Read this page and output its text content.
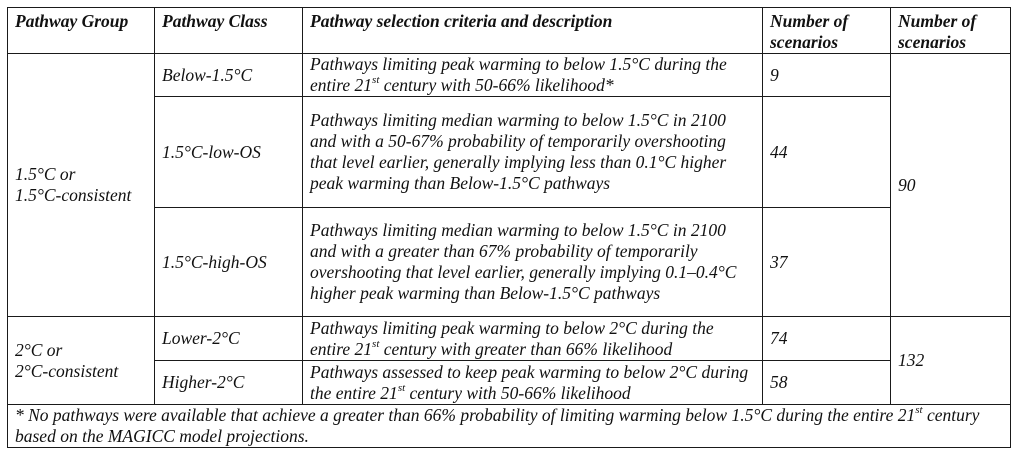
Pathway Group	Pathway Class	Pathway selection criteria and description	Number of scenarios	Number of scenarios
1.5°C or
1.5°C-consistent	Below-1.5°C	Pathways limiting peak warming to below 1.5°C during the entire 21st century with 50-66% likelihood*	9	90
	1.5°C-low-OS	Pathways limiting median warming to below 1.5°C in 2100 and with a 50-67% probability of temporarily overshooting that level earlier, generally implying less than 0.1°C higher peak warming than Below-1.5°C pathways	44	
	1.5°C-high-OS	Pathways limiting median warming to below 1.5°C in 2100 and with a greater than 67% probability of temporarily overshooting that level earlier, generally implying 0.1–0.4°C higher peak warming than Below-1.5°C pathways	37	
2°C or
2°C-consistent	Lower-2°C	Pathways limiting peak warming to below 2°C during the entire 21st century with greater than 66% likelihood	74	132
	Higher-2°C	Pathways assessed to keep peak warming to below 2°C during the entire 21st century with 50-66% likelihood	58	
* No pathways were available that achieve a greater than 66% probability of limiting warming below 1.5°C during the entire 21st century based on the MAGICC model projections.				
